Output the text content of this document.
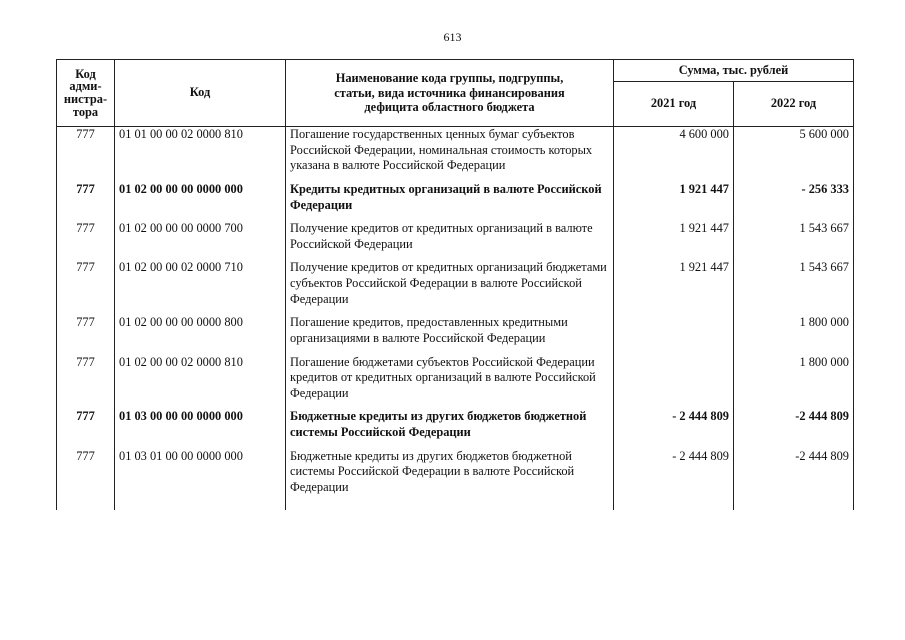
613
Код
адми-
нистра-
тора	Код	Наименование кода группы, подгруппы,
статьи, вида источника финансирования
дефицита областного бюджета	Сумма, тыс. рублей	
			2021 год	2022 год
777	01 01 00 00 02 0000 810	Погашение государственных ценных бумаг субъектов Российской Федерации, номинальная стоимость которых указана в валюте Российской Федерации	4 600 000	5 600 000
777	01 02 00 00 00 0000 000	Кредиты кредитных организаций в валюте Российской Федерации	1 921 447	- 256 333
777	01 02 00 00 00 0000 700	Получение кредитов от кредитных организаций в валюте Российской Федерации	1 921 447	1 543 667
777	01 02 00 00 02 0000 710	Получение кредитов от кредитных организаций бюджетами субъектов Российской Федерации в валюте Российской Федерации	1 921 447	1 543 667
777	01 02 00 00 00 0000 800	Погашение кредитов, предоставленных кредитными организациями в валюте Российской Федерации		1 800 000
777	01 02 00 00 02 0000 810	Погашение бюджетами субъектов Российской Федерации кредитов от кредитных организаций в валюте Российской Федерации		1 800 000
777	01 03 00 00 00 0000 000	Бюджетные кредиты из других бюджетов бюджетной системы Российской Федерации	- 2 444 809	-2 444 809
777	01 03 01 00 00 0000 000	Бюджетные кредиты из других бюджетов бюджетной системы Российской Федерации в валюте Российской Федерации	- 2 444 809	-2 444 809
